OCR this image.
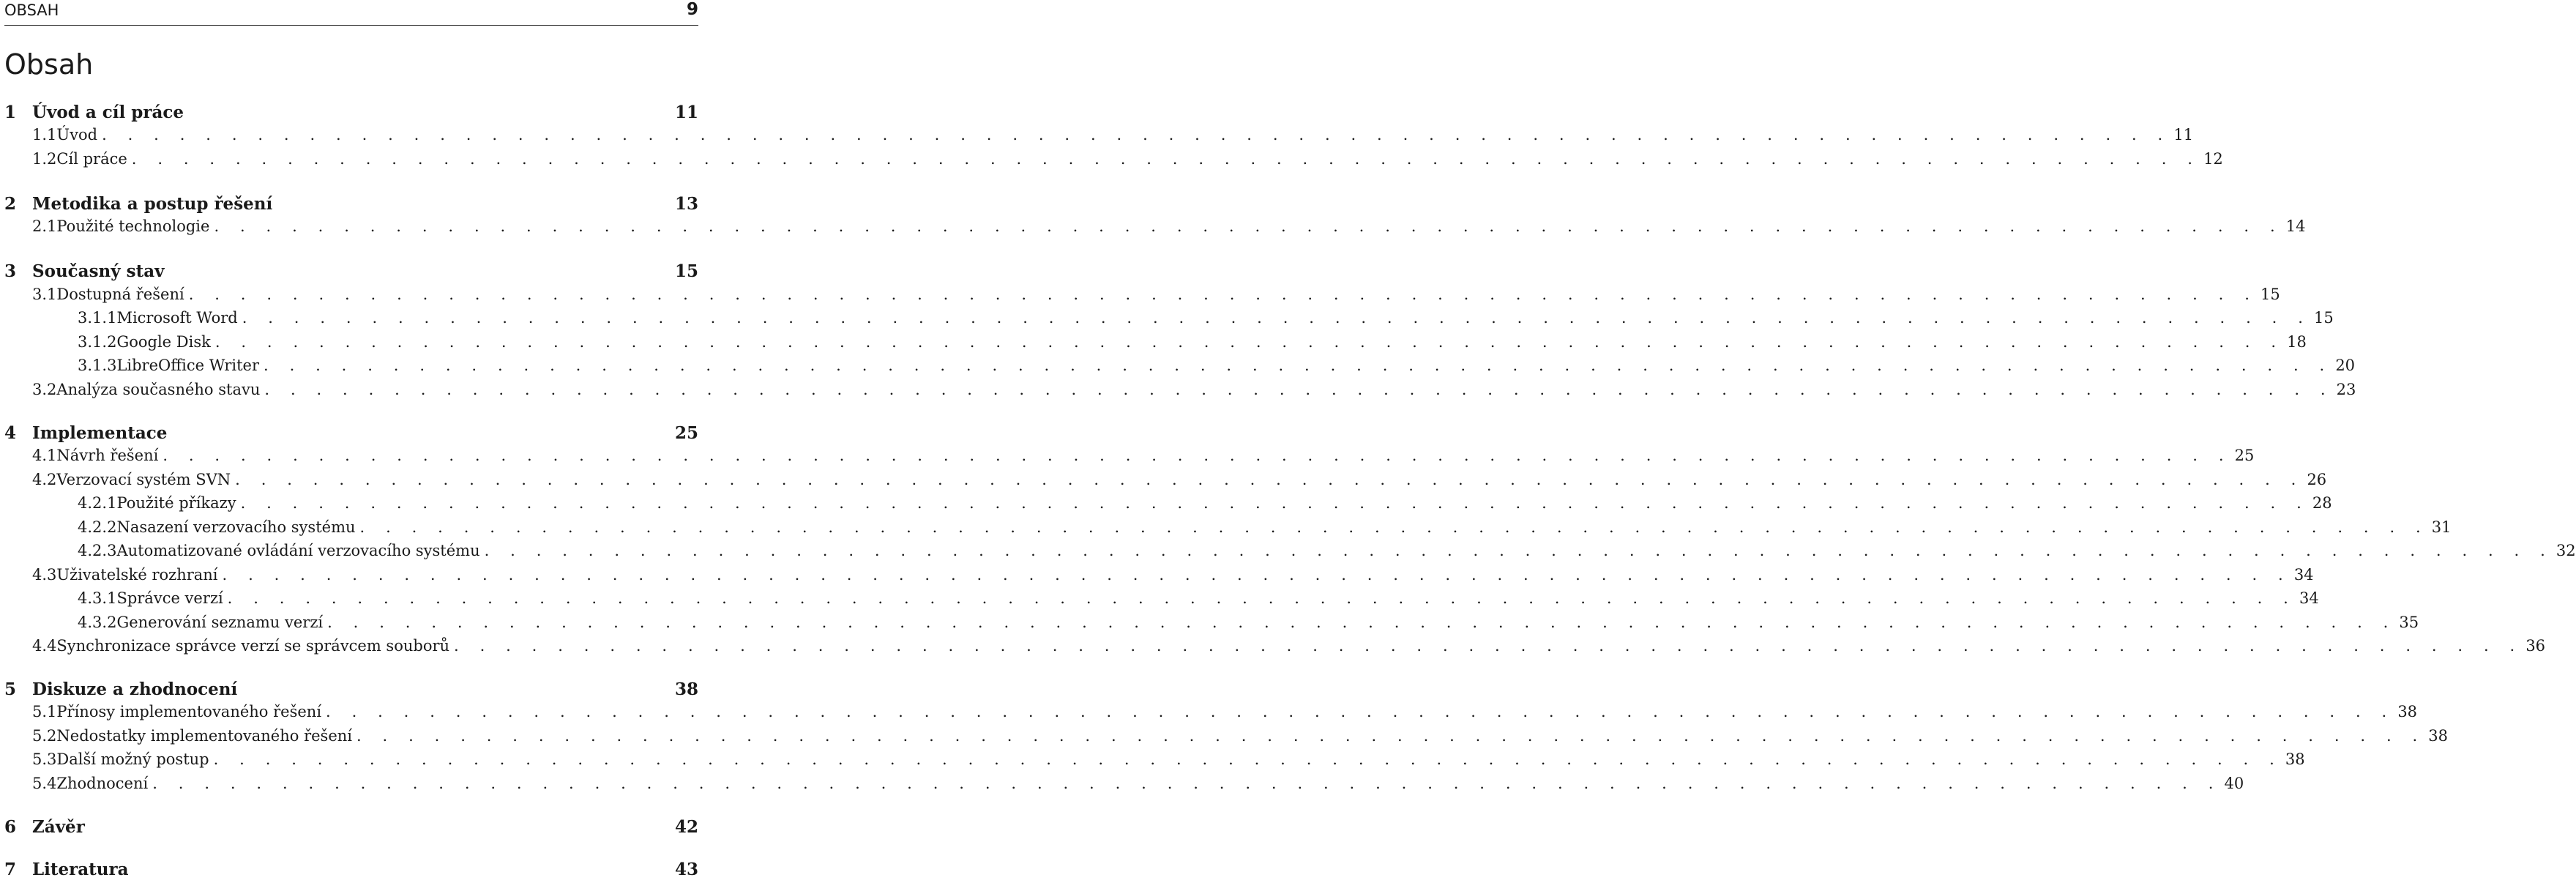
OBSAH	9
Obsah
1 Úvod a cíl práce	11
1.1 Úvod . . . . . . . . . . . . . . . . . . . . . . . . . . . . . . . . . . . . . . . . . . . . . . . . . . . . . . . . . . . . . . . . . . . . . . . . . . . . . . . . 11
1.2 Cíl práce . . . . . . . . . . . . . . . . . . . . . . . . . . . . . . . . . . . . . . . . . . . . . . . . . . . . . . . . . . . . . . . . . . . . . . . . . . . . . . . . 12
2 Metodika a postup řešení	13
2.1 Použité technologie . . . . . . . . . . . . . . . . . . . . . . . . . . . . . . . . . . . . . . . . . . . . . . . . . . . . . . . . . . . . . . . . . . . . . . . . . . . . . . . . 14
3 Současný stav	15
3.1 Dostupná řešení . . . . . . . . . . . . . . . . . . . . . . . . . . . . . . . . . . . . . . . . . . . . . . . . . . . . . . . . . . . . . . . . . . . . . . . . . . . . . . . . 15
3.1.1 Microsoft Word . . . . . . . . . . . . . . . . . . . . . . . . . . . . . . . . . . . . . . . . . . . . . . . . . . . . . . . . . . . . . . . . . . . . . . . . . . . . . . . . 15
3.1.2 Google Disk . . . . . . . . . . . . . . . . . . . . . . . . . . . . . . . . . . . . . . . . . . . . . . . . . . . . . . . . . . . . . . . . . . . . . . . . . . . . . . . . 18
3.1.3 LibreOffice Writer . . . . . . . . . . . . . . . . . . . . . . . . . . . . . . . . . . . . . . . . . . . . . . . . . . . . . . . . . . . . . . . . . . . . . . . . . . . . . . . . 20
3.2 Analýza současného stavu . . . . . . . . . . . . . . . . . . . . . . . . . . . . . . . . . . . . . . . . . . . . . . . . . . . . . . . . . . . . . . . . . . . . . . . . . . . . . . . . 23
4 Implementace	25
4.1 Návrh řešení . . . . . . . . . . . . . . . . . . . . . . . . . . . . . . . . . . . . . . . . . . . . . . . . . . . . . . . . . . . . . . . . . . . . . . . . . . . . . . . . 25
4.2 Verzovací systém SVN . . . . . . . . . . . . . . . . . . . . . . . . . . . . . . . . . . . . . . . . . . . . . . . . . . . . . . . . . . . . . . . . . . . . . . . . . . . . . . . . 26
4.2.1 Použité příkazy . . . . . . . . . . . . . . . . . . . . . . . . . . . . . . . . . . . . . . . . . . . . . . . . . . . . . . . . . . . . . . . . . . . . . . . . . . . . . . . . 28
4.2.2 Nasazení verzovacího systému . . . . . . . . . . . . . . . . . . . . . . . . . . . . . . . . . . . . . . . . . . . . . . . . . . . . . . . . . . . . . . . . . . . . . . . . . . . . . . . . 31
4.2.3 Automatizované ovládání verzovacího systému . . . . . . . . . . . . . . . . . . . . . . . . . . . . . . . . . . . . . . . . . . . . . . . . . . . . . . . . . . . . . . . . . . . . . . . . . . . . . . . . 32
4.3 Uživatelské rozhraní . . . . . . . . . . . . . . . . . . . . . . . . . . . . . . . . . . . . . . . . . . . . . . . . . . . . . . . . . . . . . . . . . . . . . . . . . . . . . . . . 34
4.3.1 Správce verzí . . . . . . . . . . . . . . . . . . . . . . . . . . . . . . . . . . . . . . . . . . . . . . . . . . . . . . . . . . . . . . . . . . . . . . . . . . . . . . . . 34
4.3.2 Generování seznamu verzí . . . . . . . . . . . . . . . . . . . . . . . . . . . . . . . . . . . . . . . . . . . . . . . . . . . . . . . . . . . . . . . . . . . . . . . . . . . . . . . . 35
4.4 Synchronizace správce verzí se správcem souborů . . . . . . . . . . . . . . . . . . . . . . . . . . . . . . . . . . . . . . . . . . . . . . . . . . . . . . . . . . . . . . . . . . . . . . . . . . . . . . . . 36
5 Diskuze a zhodnocení	38
5.1 Přínosy implementovaného řešení . . . . . . . . . . . . . . . . . . . . . . . . . . . . . . . . . . . . . . . . . . . . . . . . . . . . . . . . . . . . . . . . . . . . . . . . . . . . . . . . 38
5.2 Nedostatky implementovaného řešení . . . . . . . . . . . . . . . . . . . . . . . . . . . . . . . . . . . . . . . . . . . . . . . . . . . . . . . . . . . . . . . . . . . . . . . . . . . . . . . . 38
5.3 Další možný postup . . . . . . . . . . . . . . . . . . . . . . . . . . . . . . . . . . . . . . . . . . . . . . . . . . . . . . . . . . . . . . . . . . . . . . . . . . . . . . . . 38
5.4 Zhodnocení . . . . . . . . . . . . . . . . . . . . . . . . . . . . . . . . . . . . . . . . . . . . . . . . . . . . . . . . . . . . . . . . . . . . . . . . . . . . . . . . 40
6 Závěr	42
7 Literatura	43
